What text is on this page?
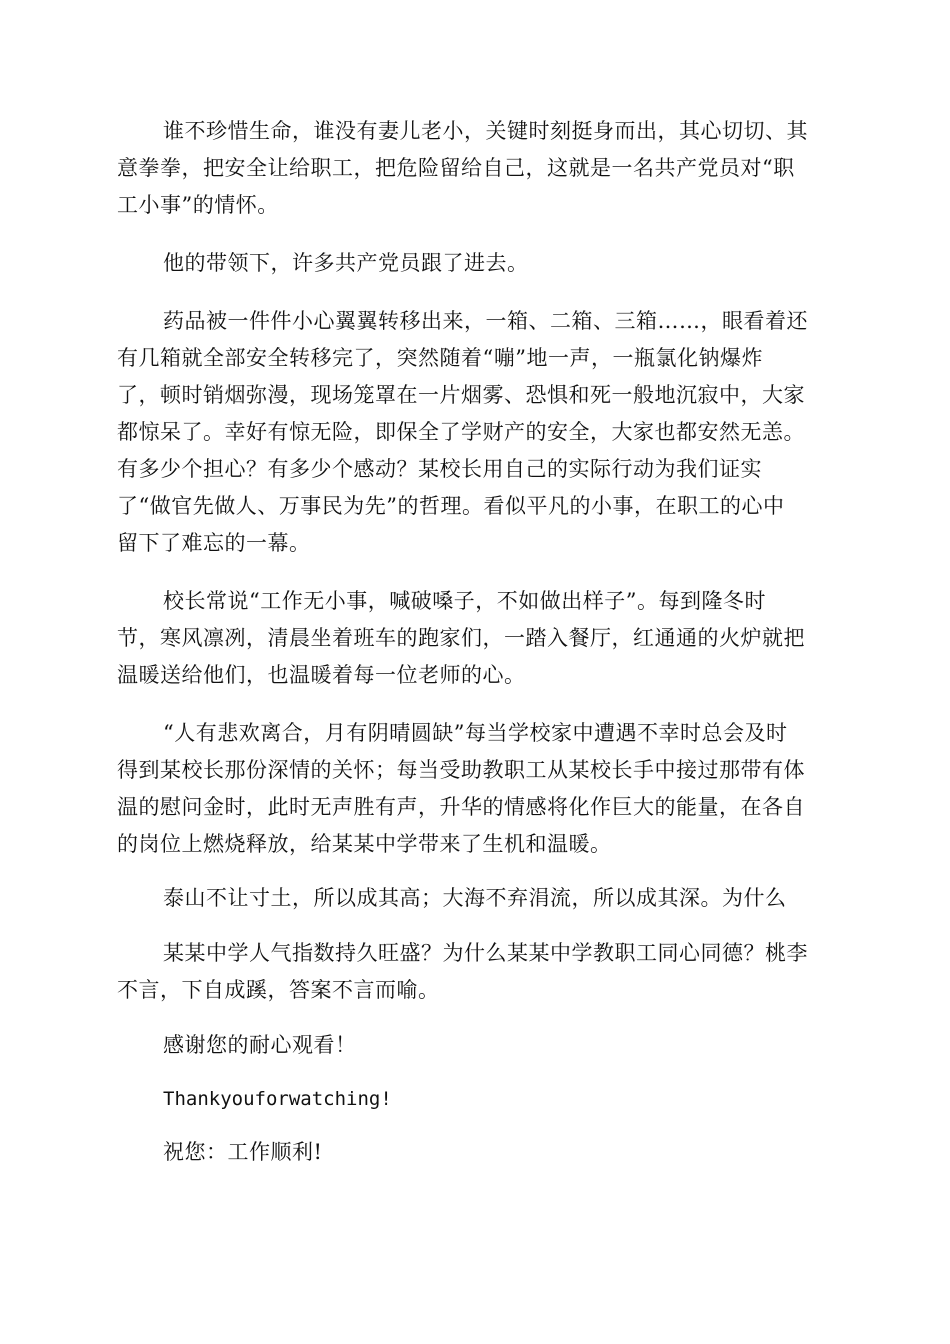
谁不珍惜生命，谁没有妻儿老小，关键时刻挺身而出，其心切切、其
意拳拳，把安全让给职工，把危险留给自己，这就是一名共产党员对“职
工小事”的情怀。
他的带领下，许多共产党员跟了进去。
药品被一件件小心翼翼转移出来，一箱、二箱、三箱……，眼看着还
有几箱就全部安全转移完了，突然随着“嘣”地一声，一瓶氯化钠爆炸
了，顿时销烟弥漫，现场笼罩在一片烟雾、恐惧和死一般地沉寂中，大家
都惊呆了。幸好有惊无险，即保全了学财产的安全，大家也都安然无恙。
有多少个担心？有多少个感动？某校长用自己的实际行动为我们证实
了“做官先做人、万事民为先”的哲理。看似平凡的小事，在职工的心中
留下了难忘的一幕。
校长常说“工作无小事，喊破嗓子，不如做出样子”。每到隆冬时
节，寒风凛冽，清晨坐着班车的跑家们，一踏入餐厅，红通通的火炉就把
温暖送给他们，也温暖着每一位老师的心。
“人有悲欢离合，月有阴晴圆缺”每当学校家中遭遇不幸时总会及时
得到某校长那份深情的关怀；每当受助教职工从某校长手中接过那带有体
温的慰问金时，此时无声胜有声，升华的情感将化作巨大的能量，在各自
的岗位上燃烧释放，给某某中学带来了生机和温暖。
泰山不让寸土，所以成其高；大海不弃涓流，所以成其深。为什么
某某中学人气指数持久旺盛？为什么某某中学教职工同心同德？桃李
不言，下自成蹊，答案不言而喻。
感谢您的耐心观看！
Thankyouforwatching!
祝您：工作顺利!
